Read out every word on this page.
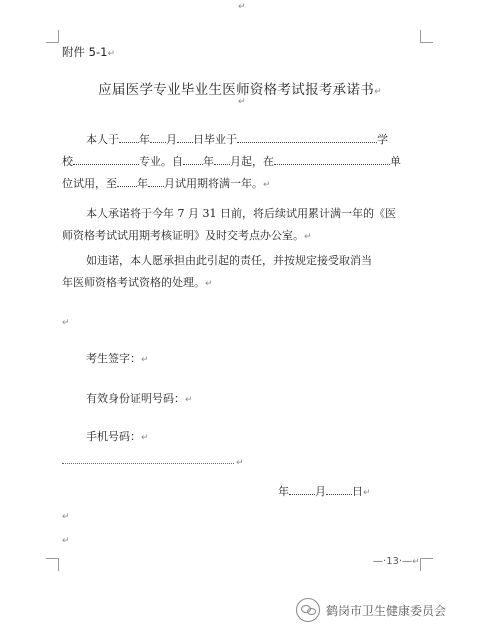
↵
附件 5-1↵
应届医学专业毕业生医师资格考试报考承诺书↵
↵
本人于 年 月 日毕业于	学
校	专业。自 年 月起，在	单
位试用，至 年 月试用期将满一年。↵
本人承诺将于今年 7 月 31 日前，将后续试用累计满一年的《医
师资格考试试用期考核证明》及时交考点办公室。↵
如违诺，本人愿承担由此引起的责任，并按规定接受取消当
年医师资格考试资格的处理。↵
↵
考生签字：↵
有效身份证明号码：↵
手机号码：↵
↵
年 月 日↵
↵
↵
—·13·—↵
鹤岗市卫生健康委员会
